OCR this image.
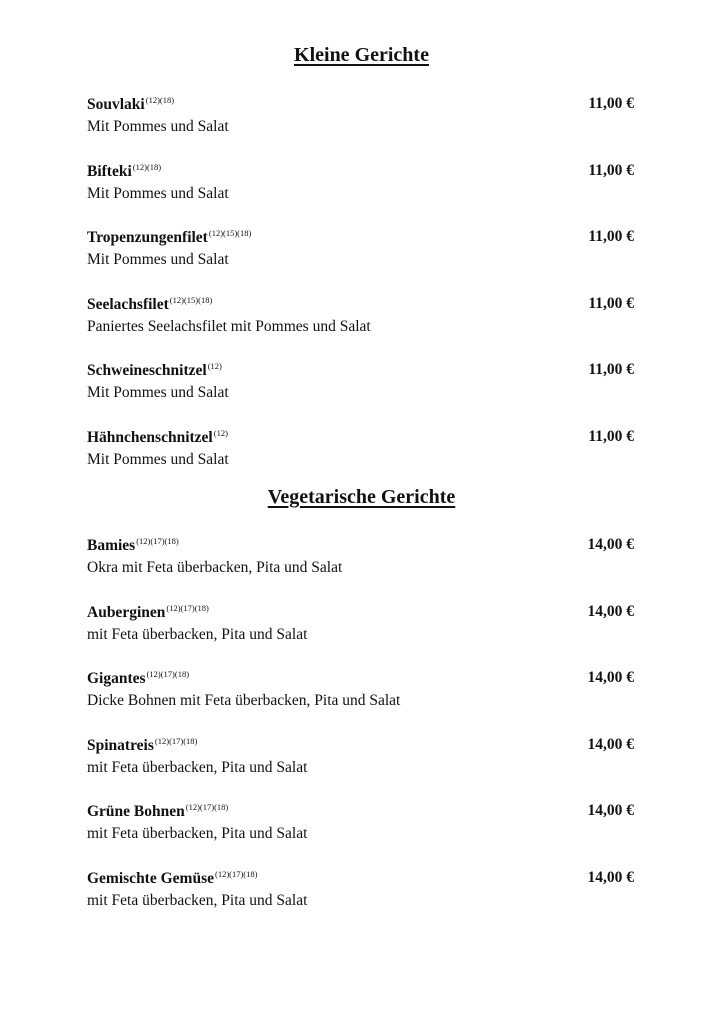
Kleine Gerichte
Vegetarische Gerichte
Souvlaki$^{(12)(18)}$	11,00 €
Mit Pommes und Salat
Bifteki$^{(12)(18)}$	11,00 €
Mit Pommes und Salat
Tropenzungenfilet$^{(12)(15)(18)}$	11,00 €
Mit Pommes und Salat
Seelachsfilet$^{(12)(15)(18)}$	11,00 €
Paniertes Seelachsfilet mit Pommes und Salat
Schweineschnitzel$^{(12)}$	11,00 €
Mit Pommes und Salat
Hähnchenschnitzel$^{(12)}$	11,00 €
Mit Pommes und Salat
Bamies$^{(12)(17)(18)}$	14,00 €
Okra mit Feta überbacken, Pita und Salat
Auberginen$^{(12)(17)(18)}$	14,00 €
mit Feta überbacken, Pita und Salat
Gigantes$^{(12)(17)(18)}$	14,00 €
Dicke Bohnen mit Feta überbacken, Pita und Salat
Spinatreis$^{(12)(17)(18)}$	14,00 €
mit Feta überbacken, Pita und Salat
Grüne Bohnen$^{(12)(17)(18)}$	14,00 €
mit Feta überbacken, Pita und Salat
Gemischte Gemüse$^{(12)(17)(18)}$	14,00 €
mit Feta überbacken, Pita und Salat
